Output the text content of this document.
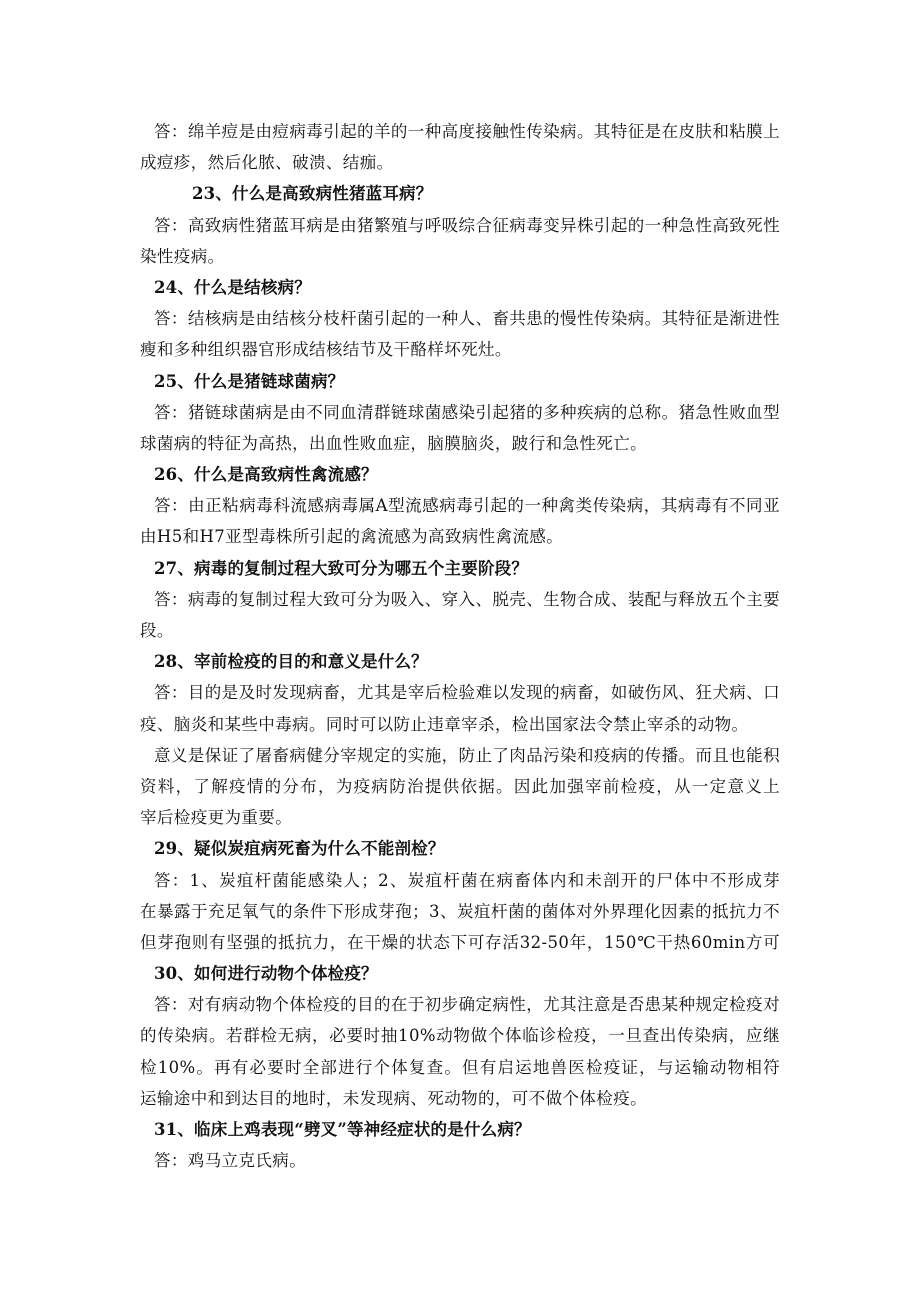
答：绵羊痘是由痘病毒引起的羊的一种高度接触性传染病。其特征是在皮肤和粘膜上
成痘疹，然后化脓、破溃、结痂。
23、什么是高致病性猪蓝耳病？
答：高致病性猪蓝耳病是由猪繁殖与呼吸综合征病毒变异株引起的一种急性高致死性
染性疫病。
24、什么是结核病？
答：结核病是由结核分枝杆菌引起的一种人、畜共患的慢性传染病。其特征是渐进性
瘦和多种组织器官形成结核结节及干酪样坏死灶。
25、什么是猪链球菌病？
答：猪链球菌病是由不同血清群链球菌感染引起猪的多种疾病的总称。猪急性败血型
球菌病的特征为高热，出血性败血症，脑膜脑炎，跛行和急性死亡。
26、什么是高致病性禽流感？
答：由正粘病毒科流感病毒属A型流感病毒引起的一种禽类传染病，其病毒有不同亚
由H5和H7亚型毒株所引起的禽流感为高致病性禽流感。
27、病毒的复制过程大致可分为哪五个主要阶段？
答：病毒的复制过程大致可分为吸入、穿入、脱壳、生物合成、装配与释放五个主要
段。
28、宰前检疫的目的和意义是什么？
答：目的是及时发现病畜，尤其是宰后检验难以发现的病畜，如破伤风、狂犬病、口
疫、脑炎和某些中毒病。同时可以防止违章宰杀，检出国家法令禁止宰杀的动物。
意义是保证了屠畜病健分宰规定的实施，防止了肉品污染和疫病的传播。而且也能积
资料，了解疫情的分布，为疫病防治提供依据。因此加强宰前检疫，从一定意义上
宰后检疫更为重要。
29、疑似炭疽病死畜为什么不能剖检？
答：1、炭疽杆菌能感染人；2、炭疽杆菌在病畜体内和未剖开的尸体中不形成芽
在暴露于充足氧气的条件下形成芽孢；3、炭疽杆菌的菌体对外界理化因素的抵抗力不
但芽孢则有坚强的抵抗力，在干燥的状态下可存活32-50年，150℃干热60min方可
30、如何进行动物个体检疫？
答：对有病动物个体检疫的目的在于初步确定病性，尤其注意是否患某种规定检疫对
的传染病。若群检无病，必要时抽10%动物做个体临诊检疫，一旦查出传染病，应继
检10%。再有必要时全部进行个体复查。但有启运地兽医检疫证，与运输动物相符
运输途中和到达目的地时，未发现病、死动物的，可不做个体检疫。
31、临床上鸡表现“劈叉”等神经症状的是什么病？
答：鸡马立克氏病。
